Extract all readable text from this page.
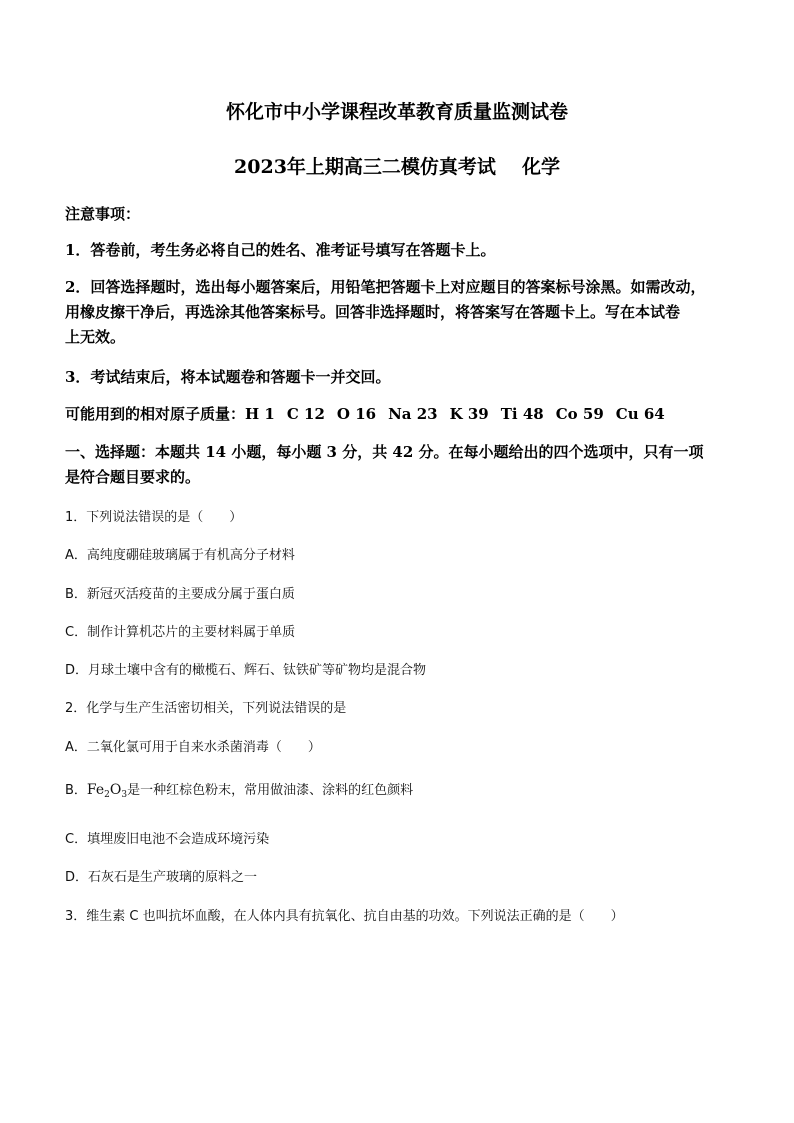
怀化市中小学课程改革教育质量监测试卷
2023年上期高三二模仿真考试 化学
注意事项：
1．答卷前，考生务必将自己的姓名、准考证号填写在答题卡上。
2．回答选择题时，选出每小题答案后，用铅笔把答题卡上对应题目的答案标号涂黑。如需改动，
用橡皮擦干净后，再选涂其他答案标号。回答非选择题时，将答案写在答题卡上。写在本试卷
上无效。
3．考试结束后，将本试题卷和答题卡一并交回。
可能用到的相对原子质量：H 1 C 12 O 16 Na 23 K 39 Ti 48 Co 59 Cu 64
一、选择题：本题共 14 小题，每小题 3 分，共 42 分。在每小题给出的四个选项中，只有一项
是符合题目要求的。
1．下列说法错误的是（　　）
A．高纯度硼硅玻璃属于有机高分子材料
B．新冠灭活疫苗的主要成分属于蛋白质
C．制作计算机芯片的主要材料属于单质
D．月球土壤中含有的橄榄石、辉石、钛铁矿等矿物均是混合物
2．化学与生产生活密切相关，下列说法错误的是
A．二氧化氯可用于自来水杀菌消毒（　　）
B．$Fe_2O_3$是一种红棕色粉末，常用做油漆、涂料的红色颜料
C．填埋废旧电池不会造成环境污染
D．石灰石是生产玻璃的原料之一
3．维生素 C 也叫抗坏血酸，在人体内具有抗氧化、抗自由基的功效。下列说法正确的是（　　）
